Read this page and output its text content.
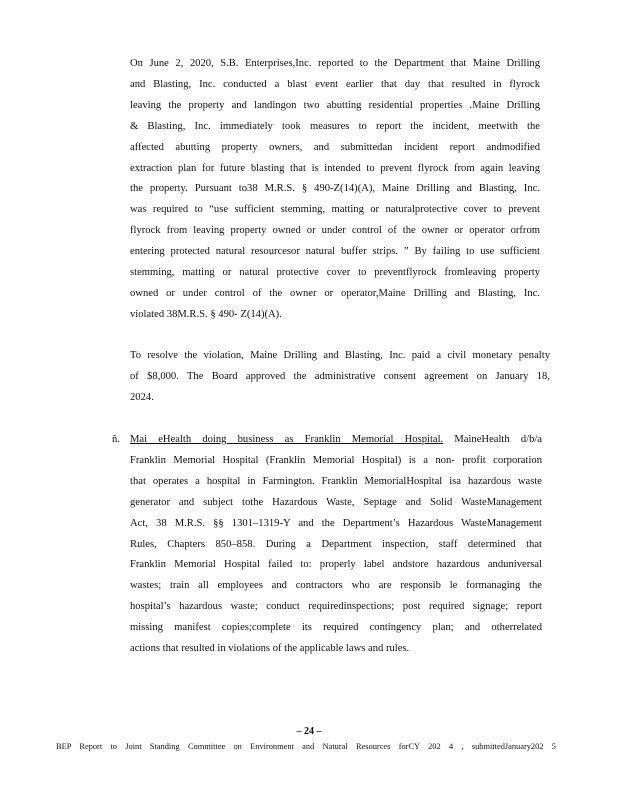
On June 2, 2020, S.B. Enterprises,Inc. reported to the Department that Maine Drilling
and Blasting, Inc. conducted a blast event earlier that day that resulted in flyrock
leaving the property and landingon two abutting residential properties .Maine Drilling
& Blasting, Inc. immediately took measures to report the incident, meetwith the
affected abutting property owners, and submittedan incident report andmodified
extraction plan for future blasting that is intended to prevent flyrock from again leaving
the property. Pursuant to38 M.R.S. § 490-Z(14)(A), Maine Drilling and Blasting, Inc.
was required to “use sufficient stemming, matting or naturalprotective cover to prevent
flyrock from leaving property owned or under control of the owner or operator orfrom
entering protected natural resourcesor natural buffer strips. ” By failing to use sufficient
stemming, matting or natural protective cover to preventflyrock fromleaving property
owned or under control of the owner or operator,Maine Drilling and Blasting, Inc.
violated 38M.R.S. § 490- Z(14)(A).
To resolve the violation, Maine Drilling and Blasting, Inc. paid a civil monetary penalty
of $8,000. The Board approved the administrative consent agreement on January 18,
2024.
ñ. Mai eHealth doing business as Franklin Memorial Hospital. MaineHealth d/b/a
Franklin Memorial Hospital (Franklin Memorial Hospital) is a non- profit corporation
that operates a hospital in Farmington. Franklin MemorialHospital isa hazardous waste
generator and subject tothe Hazardous Waste, Septage and Solid WasteManagement
Act, 38 M.R.S. §§ 1301–1319-Y and the Department’s Hazardous WasteManagement
Rules, Chapters 850–858. During a Department inspection, staff determined that
Franklin Memorial Hospital failed to: properly label andstore hazardous anduniversal
wastes; train all employees and contractors who are responsib le formanaging the
hospital’s hazardous waste; conduct requiredinspections; post required signage; report
missing manifest copies;complete its required contingency plan; and otherrelated
actions that resulted in violations of the applicable laws and rules.
– 24 –
BEP Report to Joint Standing Committee on Environment and Natural Resources forCY 202 4 , submittedJanuary202 5
